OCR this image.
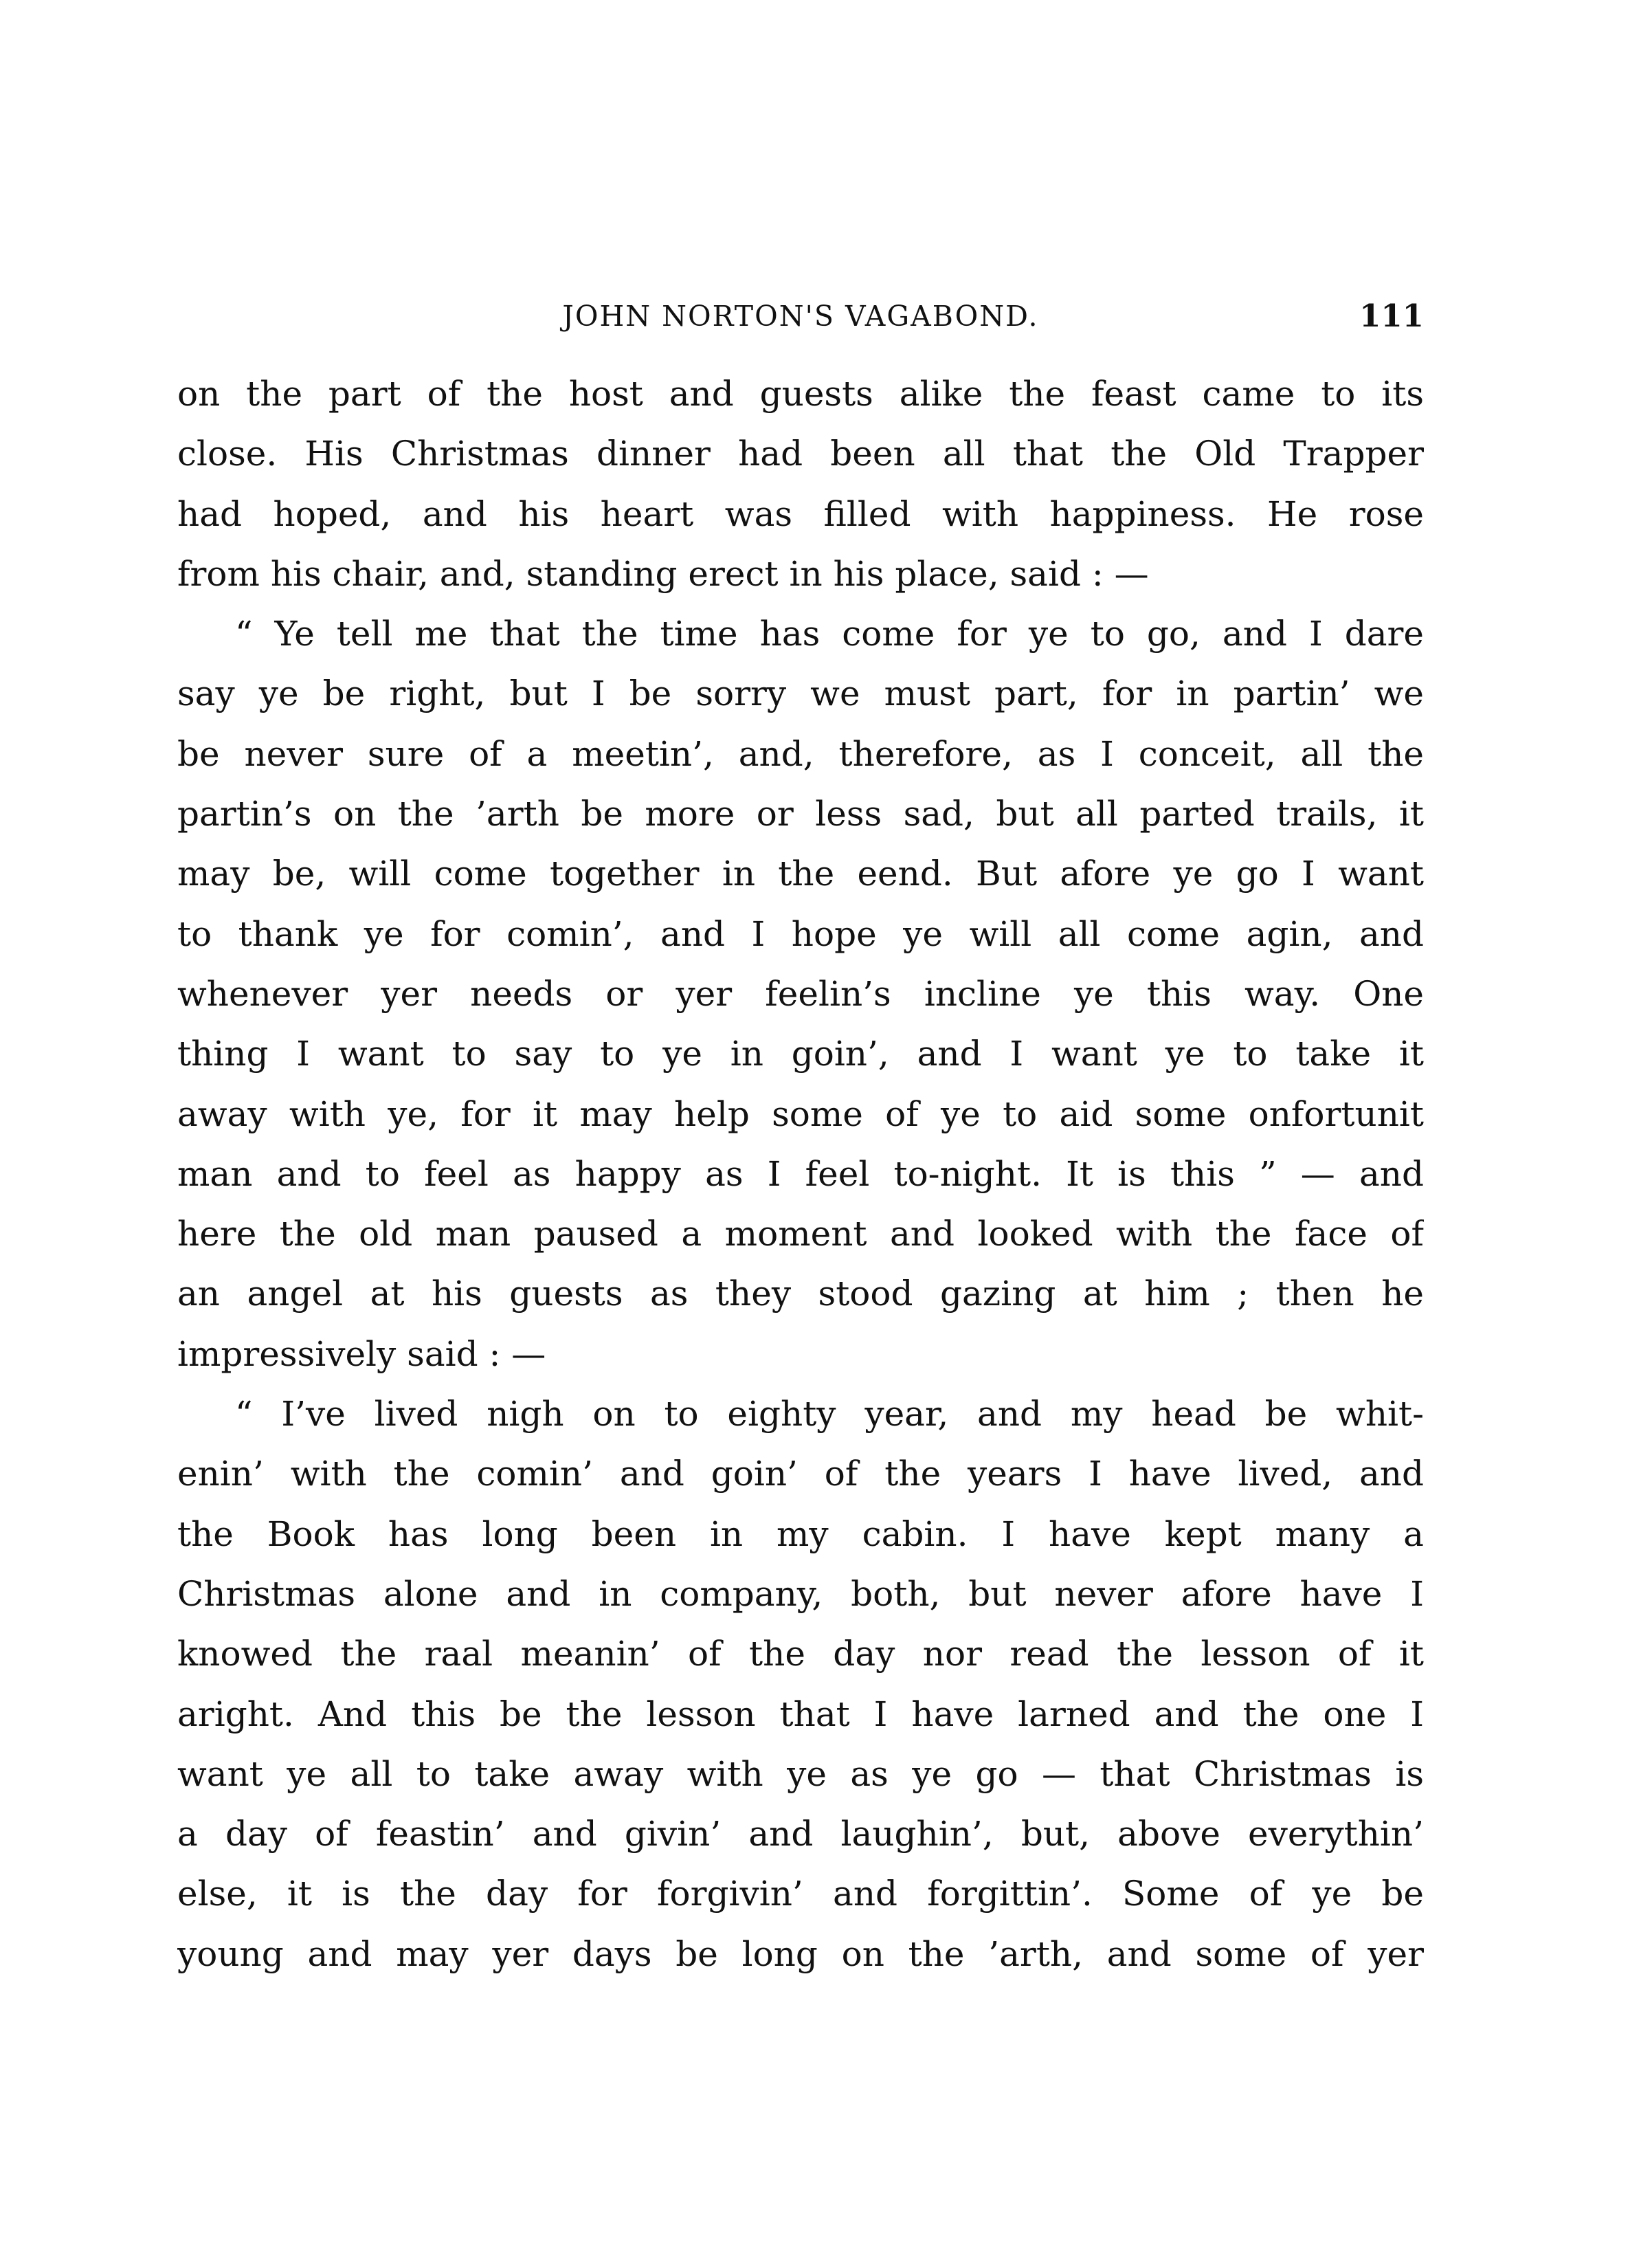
JOHN NORTON'S VAGABOND.	111
on the part of the host and guests alike the feast came to its
close. His Christmas dinner had been all that the Old Trapper
had hoped, and his heart was filled with happiness. He rose
from his chair, and, standing erect in his place, said : —
“ Ye tell me that the time has come for ye to go, and I dare
say ye be right, but I be sorry we must part, for in partin’ we
be never sure of a meetin’, and, therefore, as I conceit, all the
partin’s on the ’arth be more or less sad, but all parted trails, it
may be, will come together in the eend. But afore ye go I want
to thank ye for comin’, and I hope ye will all come agin, and
whenever yer needs or yer feelin’s incline ye this way. One
thing I want to say to ye in goin’, and I want ye to take it
away with ye, for it may help some of ye to aid some onfortunit
man and to feel as happy as I feel to-night. It is this ” — and
here the old man paused a moment and looked with the face of
an angel at his guests as they stood gazing at him ; then he
impressively said : —
“ I’ve lived nigh on to eighty year, and my head be whit-
enin’ with the comin’ and goin’ of the years I have lived, and
the Book has long been in my cabin. I have kept many a
Christmas alone and in company, both, but never afore have I
knowed the raal meanin’ of the day nor read the lesson of it
aright. And this be the lesson that I have larned and the one I
want ye all to take away with ye as ye go — that Christmas is
a day of feastin’ and givin’ and laughin’, but, above everythin’
else, it is the day for forgivin’ and forgittin’. Some of ye be
young and may yer days be long on the ’arth, and some of yer
